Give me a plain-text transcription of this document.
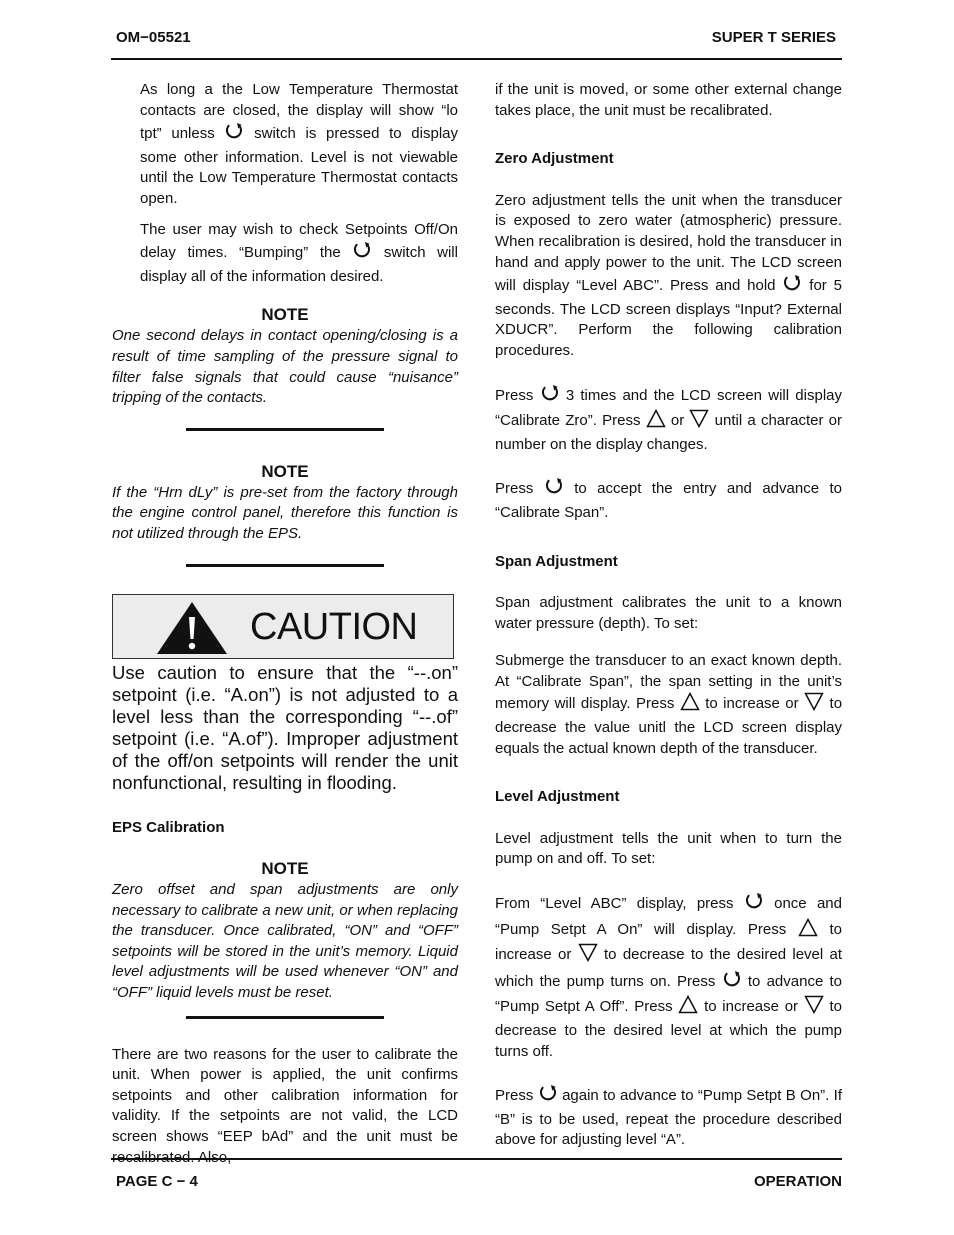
OM−05521	SUPER T SERIES

As long a the Low Temperature Thermostat contacts are closed, the display will show “lo tpt” unless	switch is pressed to display some other information. Level is not viewable until the Low Temperature Thermostat contacts open.

The user may wish to check Setpoints Off/On delay times. “Bumping” the	switch will display all of the information desired.

NOTE

One second delays in contact opening/closing is a result of time sampling of the pressure signal to filter false signals that could cause “nuisance” tripping of the contacts.

NOTE

If the “Hrn dLy” is pre-set from the factory through the engine control panel, therefore this function is not utilized through the EPS.

CAUTION

Use caution to ensure that the “--.on” setpoint (i.e. “A.on”) is not adjusted to a level less than the corresponding “--.of” setpoint (i.e. “A.of”). Improper adjustment of the off/on setpoints will render the unit nonfunctional, resulting in flooding.

EPS Calibration
NOTE

Zero offset and span adjustments are only necessary to calibrate a new unit, or when replacing the transducer. Once calibrated, “ON” and “OFF” setpoints will be stored in the unit’s memory. Liquid level adjustments will be used whenever “ON” and “OFF” liquid levels must be reset.

There are two reasons for the user to calibrate the unit. When power is applied, the unit confirms setpoints and other calibration information for validity. If the setpoints are not valid, the LCD screen shows “EEP bAd” and the unit must be recalibrated. Also,

if the unit is moved, or some other external change takes place, the unit must be recalibrated.

Zero Adjustment

Zero adjustment tells the unit when the transducer is exposed to zero water (atmospheric) pressure. When recalibration is desired, hold the transducer in hand and apply power to the unit. The LCD screen will display “Level ABC”. Press and hold for 5 seconds. The LCD screen displays “Input? External XDUCR”. Perform the following calibration procedures.

Press 3 times and the LCD screen will display “Calibrate Zro”. Press or until a character or number on the display changes.

Press	to accept the entry and advance to “Calibrate Span”.

Span Adjustment

Span adjustment calibrates the unit to a known water pressure (depth). To set:

Submerge the transducer to an exact known depth. At “Calibrate Span”, the span setting in the unit’s memory will display. Press to increase or to decrease the value unitl the LCD screen display equals the actual known depth of the transducer.

Level Adjustment

Level adjustment tells the unit when to turn the pump on and off. To set:

From “Level ABC” display, press	once and “Pump Setpt A On” will display. Press	to increase or to decrease to the desired level at which the pump turns on. Press to advance to “Pump Setpt A Off”. Press to increase or to decrease to the desired level at which the pump turns off.

Press again to advance to “Pump Setpt B On”. If “B” is to be used, repeat the procedure described above for adjusting level “A”.

PAGE C − 4	OPERATION
